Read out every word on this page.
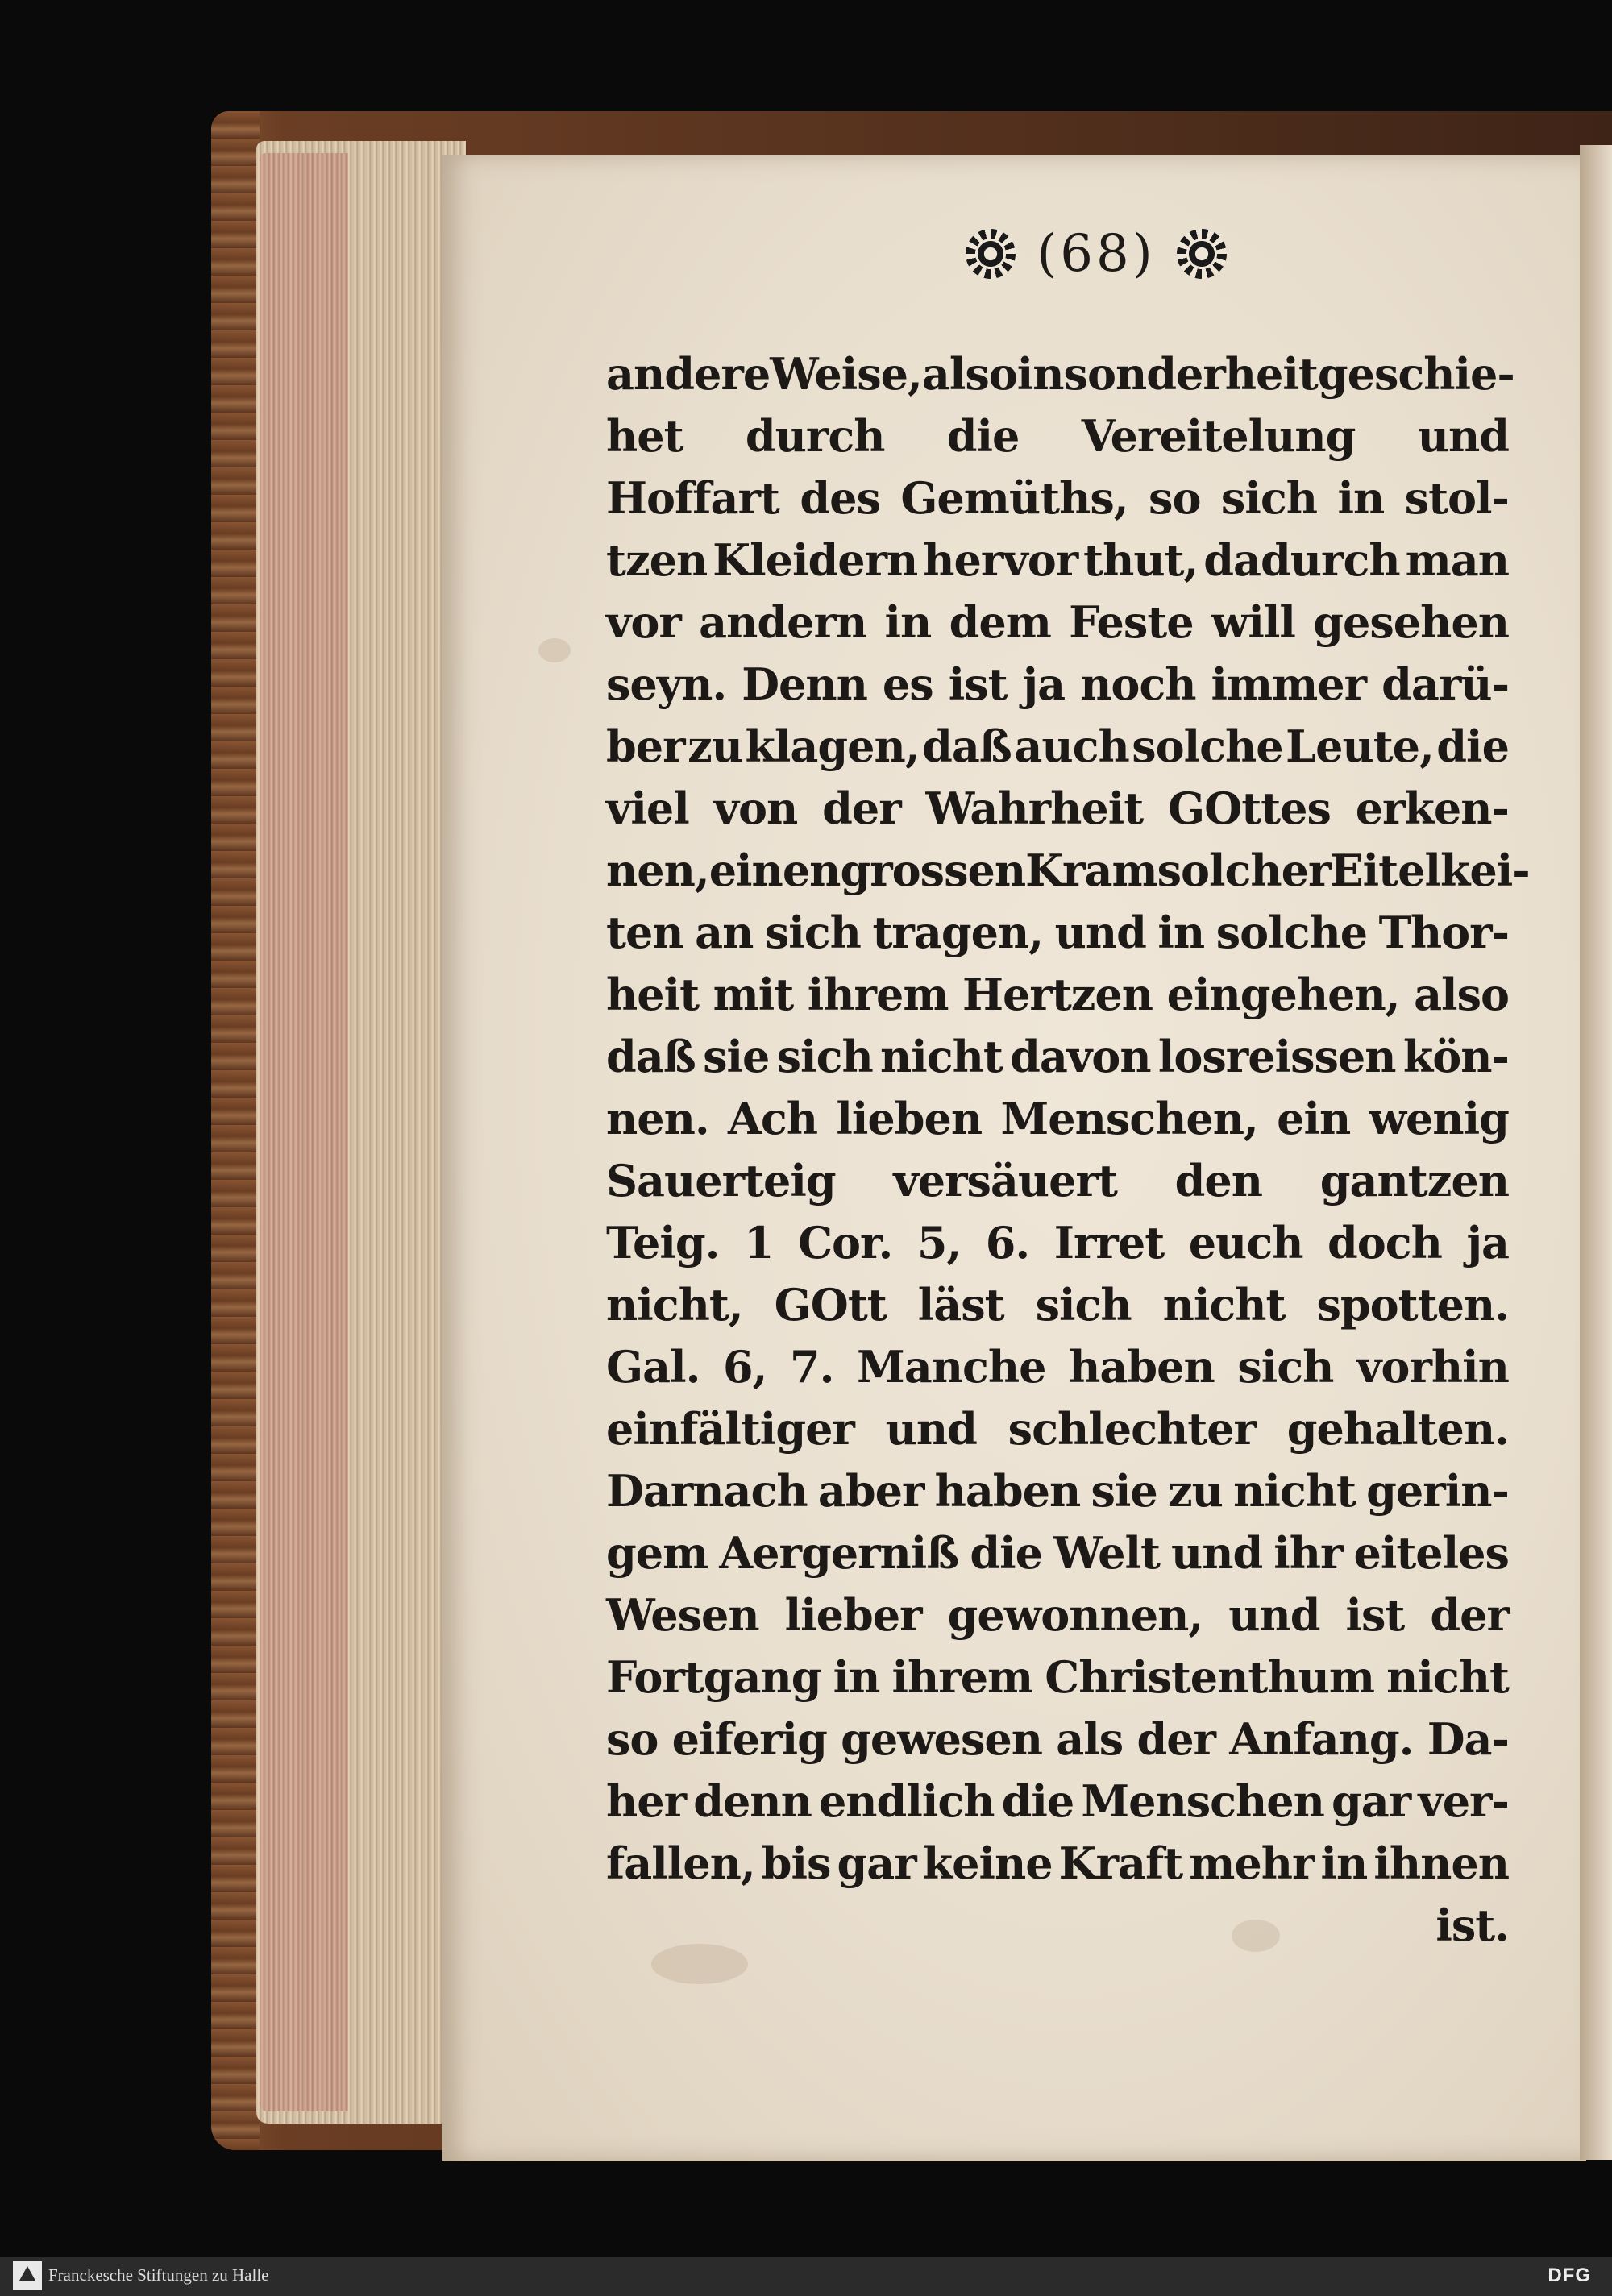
(68)
andere Weise, also insonderheit geschie-
het durch die Vereitelung und
Hoffart des Gemüths, so sich in stol-
tzen Kleidern hervor thut, dadurch man
vor andern in dem Feste will gesehen
seyn. Denn es ist ja noch immer darü-
ber zu klagen, daß auch solche Leute, die
viel von der Wahrheit GOttes erken-
nen, einen grossen Kram solcher Eitelkei-
ten an sich tragen, und in solche Thor-
heit mit ihrem Hertzen eingehen, also
daß sie sich nicht davon losreissen kön-
nen. Ach lieben Menschen, ein wenig
Sauerteig versäuert den gantzen
Teig. 1 Cor. 5, 6. Irret euch doch ja
nicht, GOtt läst sich nicht spotten.
Gal. 6, 7. Manche haben sich vorhin
einfältiger und schlechter gehalten.
Darnach aber haben sie zu nicht gerin-
gem Aergerniß die Welt und ihr eiteles
Wesen lieber gewonnen, und ist der
Fortgang in ihrem Christenthum nicht
so eiferig gewesen als der Anfang. Da-
her denn endlich die Menschen gar ver-
fallen, bis gar keine Kraft mehr in ihnen
ist.
Franckesche Stiftungen zu Halle	DFG
